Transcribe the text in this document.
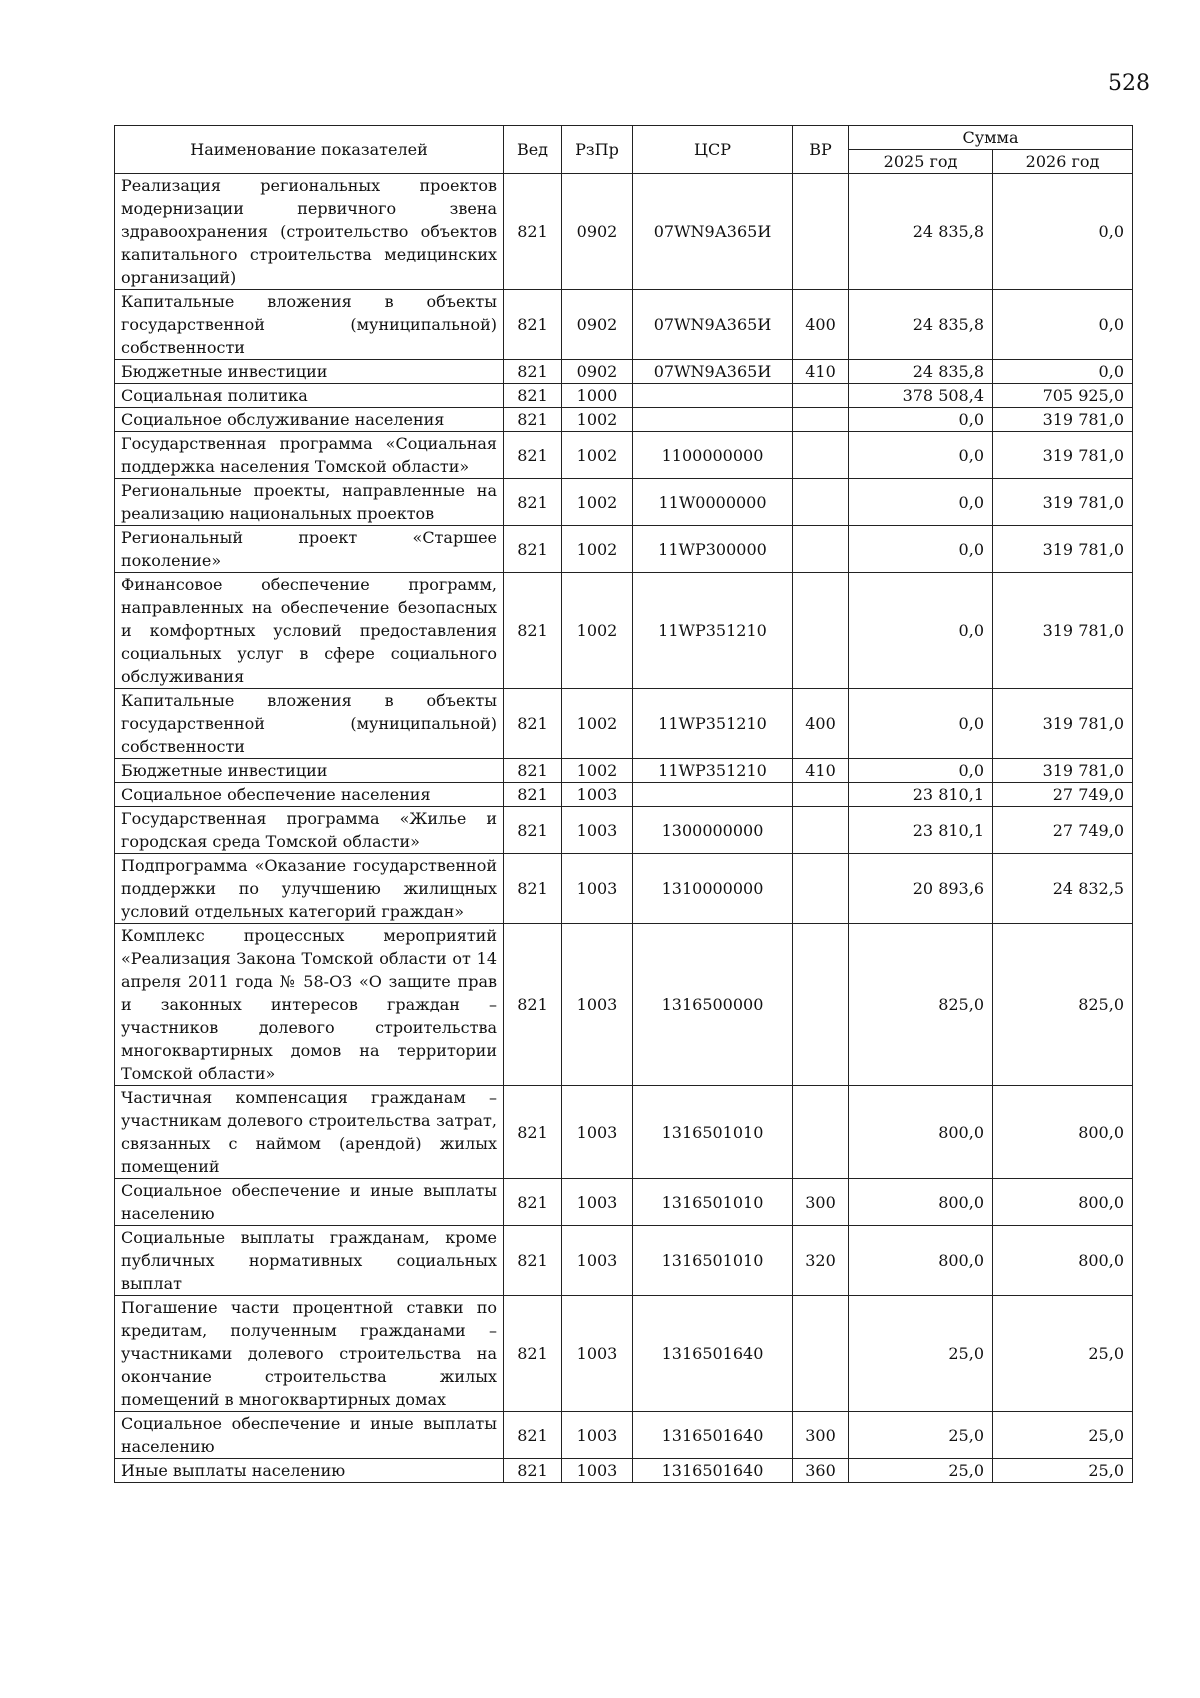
528
Наименование показателей	Вед	РзПр	ЦСР	ВР	Сумма	
					2025 год	2026 год
Реализация региональных проектов модернизации первичного звена здравоохранения (строительство объектов капитального строительства медицинских организаций)	821	0902	07WN9А365И		24 835,8	0,0
Капитальные вложения в объекты государственной (муниципальной) собственности	821	0902	07WN9А365И	400	24 835,8	0,0
Бюджетные инвестиции	821	0902	07WN9А365И	410	24 835,8	0,0
Социальная политика	821	1000			378 508,4	705 925,0
Социальное обслуживание населения	821	1002			0,0	319 781,0
Государственная программа «Социальная поддержка населения Томской области»	821	1002	1100000000		0,0	319 781,0
Региональные проекты, направленные на реализацию национальных проектов	821	1002	11W0000000		0,0	319 781,0
Региональный проект «Старшее поколение»	821	1002	11WР300000		0,0	319 781,0
Финансовое обеспечение программ, направленных на обеспечение безопасных и комфортных условий предоставления социальных услуг в сфере социального обслуживания	821	1002	11WР351210		0,0	319 781,0
Капитальные вложения в объекты государственной (муниципальной) собственности	821	1002	11WР351210	400	0,0	319 781,0
Бюджетные инвестиции	821	1002	11WР351210	410	0,0	319 781,0
Социальное обеспечение населения	821	1003			23 810,1	27 749,0
Государственная программа «Жилье и городская среда Томской области»	821	1003	1300000000		23 810,1	27 749,0
Подпрограмма «Оказание государственной поддержки по улучшению жилищных условий отдельных категорий граждан»	821	1003	1310000000		20 893,6	24 832,5
Комплекс процессных мероприятий «Реализация Закона Томской области от 14 апреля 2011 года № 58-ОЗ «О защите прав и законных интересов граждан – участников долевого строительства многоквартирных домов на территории Томской области»	821	1003	1316500000		825,0	825,0
Частичная компенсация гражданам – участникам долевого строительства затрат, связанных с наймом (арендой) жилых помещений	821	1003	1316501010		800,0	800,0
Социальное обеспечение и иные выплаты населению	821	1003	1316501010	300	800,0	800,0
Социальные выплаты гражданам, кроме публичных нормативных социальных выплат	821	1003	1316501010	320	800,0	800,0
Погашение части процентной ставки по кредитам, полученным гражданами – участниками долевого строительства на окончание строительства жилых помещений в многоквартирных домах	821	1003	1316501640		25,0	25,0
Социальное обеспечение и иные выплаты населению	821	1003	1316501640	300	25,0	25,0
Иные выплаты населению	821	1003	1316501640	360	25,0	25,0
